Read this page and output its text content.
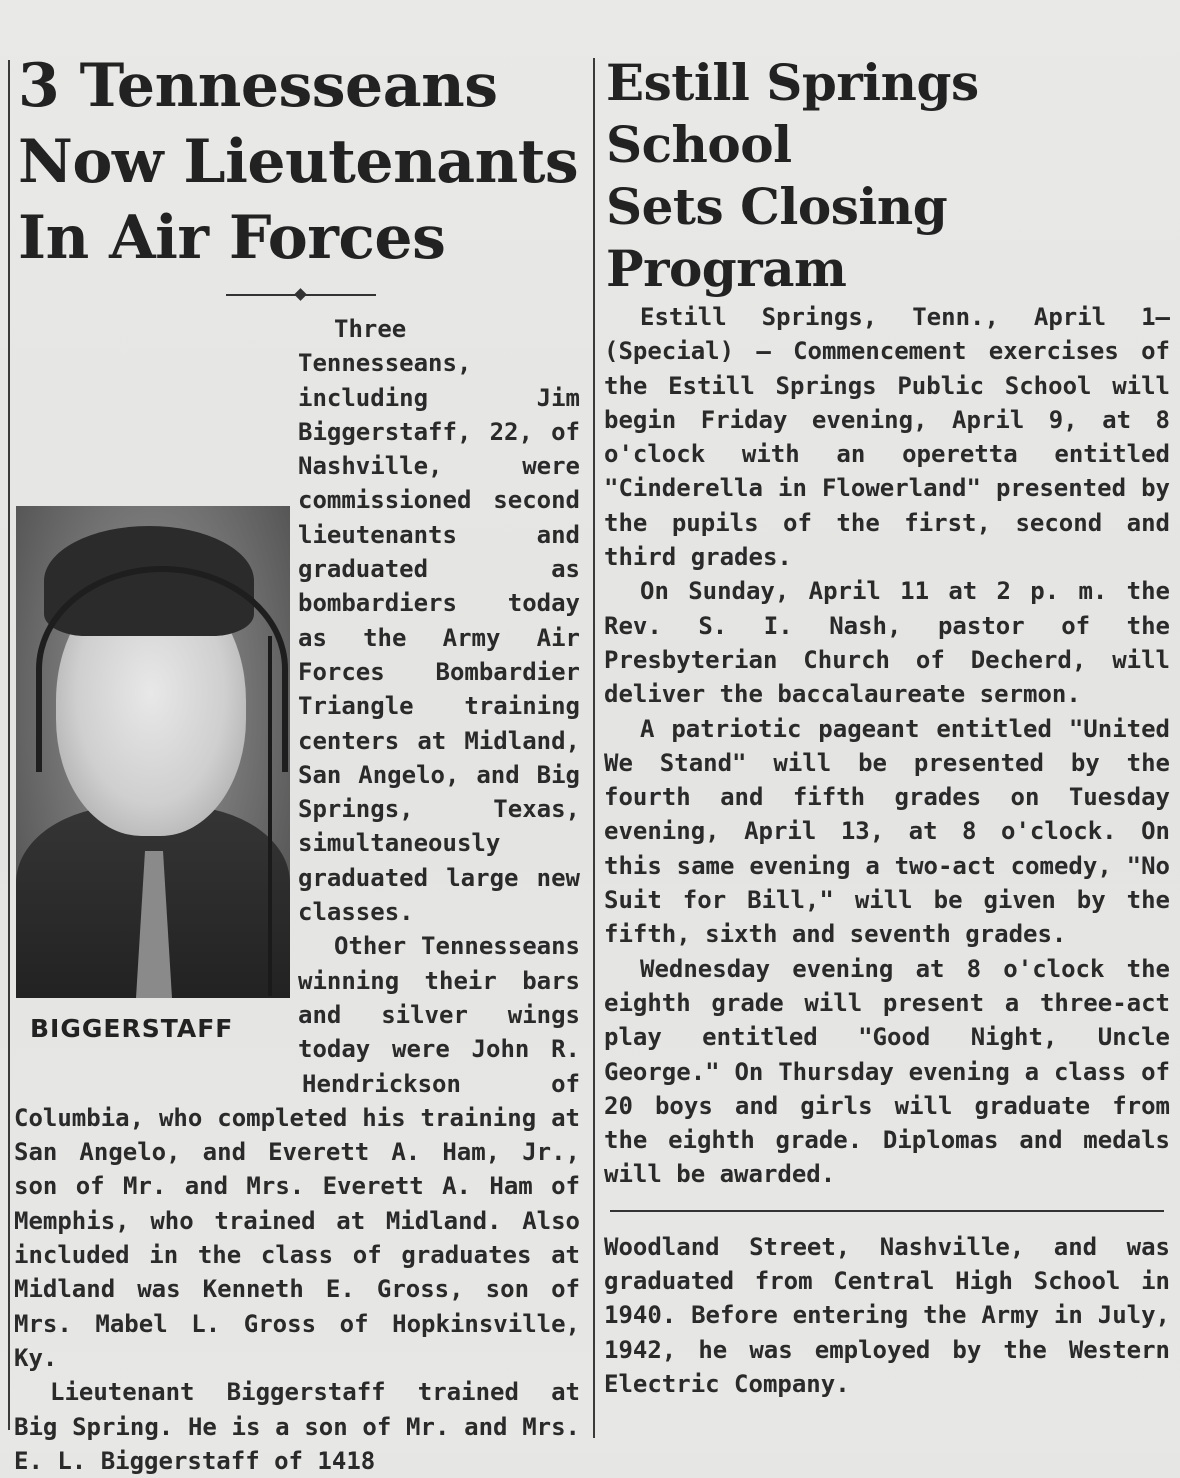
3 Tennesseans
Now Lieutenants
In Air Forces

Three Tennesseans, including Jim Biggerstaff, 22, of Nashville, were commissioned second lieutenants and graduated as bombardiers today as the Army Air Forces Bombardier Triangle training centers at Midland, San Angelo, and Big Springs, Texas, simultaneously graduated large new classes.

Other Tennesseans winning their bars and silver wings today were John R. Hendrickson of Columbia, who completed his training at San Angelo, and Everett A. Ham, Jr., son of Mr. and Mrs. Everett A. Ham of Memphis, who trained at Midland. Also included in the class of graduates at Midland was Kenneth E. Gross, son of Mrs. Mabel L. Gross of Hopkinsville, Ky.

Lieutenant Biggerstaff trained at Big Spring. He is a son of Mr. and Mrs. E. L. Biggerstaff of 1418

BIGGERSTAFF
Estill Springs School
Sets Closing Program

Estill Springs, Tenn., April 1—(Special) — Commencement exercises of the Estill Springs Public School will begin Friday evening, April 9, at 8 o'clock with an operetta entitled "Cinderella in Flowerland" presented by the pupils of the first, second and third grades.

On Sunday, April 11 at 2 p. m. the Rev. S. I. Nash, pastor of the Presbyterian Church of Decherd, will deliver the baccalaureate sermon.

A patriotic pageant entitled "United We Stand" will be presented by the fourth and fifth grades on Tuesday evening, April 13, at 8 o'clock. On this same evening a two-act comedy, "No Suit for Bill," will be given by the fifth, sixth and seventh grades.

Wednesday evening at 8 o'clock the eighth grade will present a three-act play entitled "Good Night, Uncle George." On Thursday evening a class of 20 boys and girls will graduate from the eighth grade. Diplomas and medals will be awarded.

Woodland Street, Nashville, and was graduated from Central High School in 1940. Before entering the Army in July, 1942, he was employed by the Western Electric Company.
